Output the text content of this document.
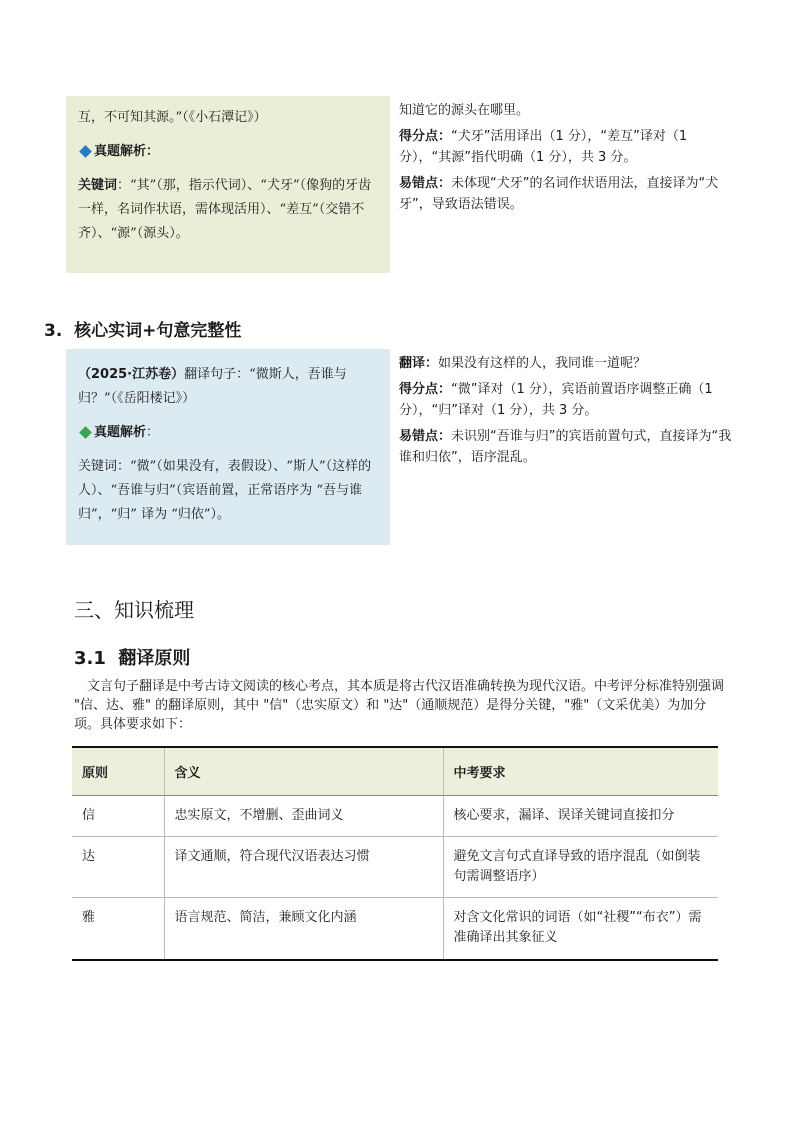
互，不可知其源。”（《小石潭记》）

真题解析：

关键词：“其”（那，指示代词）、“犬牙”（像狗的牙齿一样，名词作状语，需体现活用）、“差互”（交错不齐）、“源”（源头）。

知道它的源头在哪里。

得分点：“犬牙”活用译出（1 分），“差互”译对（1 分），“其源”指代明确（1 分），共 3 分。

易错点：未体现“犬牙”的名词作状语用法，直接译为“犬牙”，导致语法错误。

3. 核心实词+句意完整性

（2025·江苏卷）翻译句子：“微斯人，吾谁与归？”（《岳阳楼记》）

真题解析：

关键词：“微”（如果没有，表假设）、“斯人”（这样的人）、“吾谁与归”（宾语前置，正常语序为 “吾与谁归”，“归” 译为 “归依”）。

翻译：如果没有这样的人，我同谁一道呢？

得分点：“微”译对（1 分），宾语前置语序调整正确（1 分），“归”译对（1 分），共 3 分。

易错点：未识别“吾谁与归”的宾语前置句式，直接译为“我谁和归依”，语序混乱。

三、知识梳理
3.1  翻译原则
文言句子翻译是中考古诗文阅读的核心考点，其本质是将古代汉语准确转换为现代汉语。中考评分标准特别强调 "信、达、雅" 的翻译原则，其中 "信"（忠实原文）和 "达"（通顺规范）是得分关键，"雅"（文采优美）为加分项。具体要求如下：
原则	含义	中考要求
信	忠实原文，不增删、歪曲词义	核心要求，漏译、误译关键词直接扣分
达	译文通顺，符合现代汉语表达习惯	避免文言句式直译导致的语序混乱（如倒装句需调整语序）
雅	语言规范、简洁，兼顾文化内涵	对含文化常识的词语（如“社稷”“布衣”）需准确译出其象征义
